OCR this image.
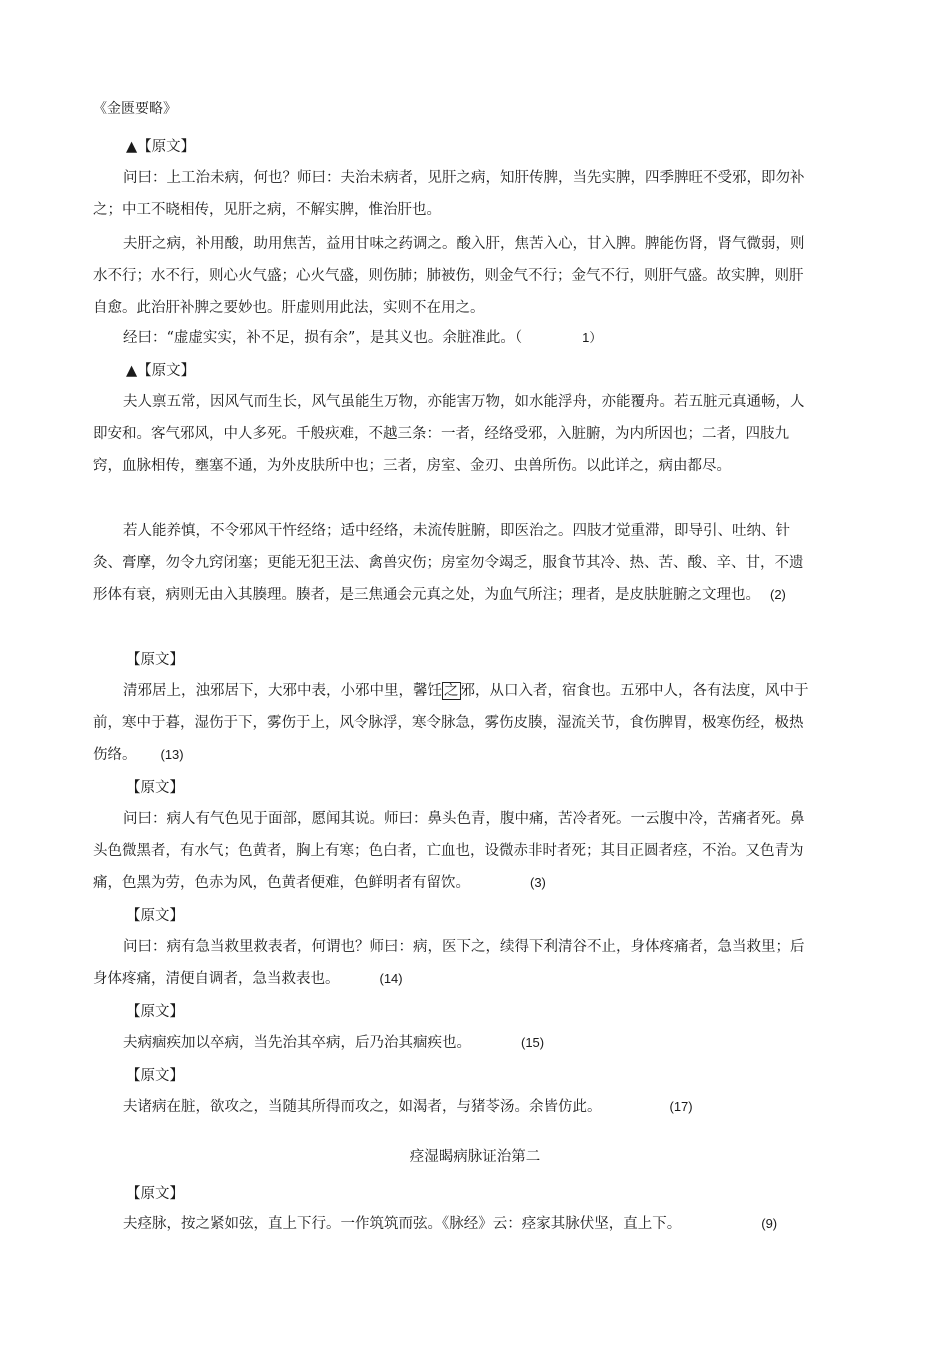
《金匮要略》
▲【原文】

问曰：上工治未病，何也？师曰：夫治未病者，见肝之病，知肝传脾，当先实脾，四季脾旺不受邪，即勿补之；中工不晓相传，见肝之病，不解实脾，惟治肝也。

夫肝之病，补用酸，助用焦苦，益用甘味之药调之。酸入肝，焦苦入心，甘入脾。脾能伤肾，肾气微弱，则水不行；水不行，则心火气盛；心火气盛，则伤肺；肺被伤，则金气不行；金气不行，则肝气盛。故实脾，则肝自愈。此治肝补脾之要妙也。肝虚则用此法，实则不在用之。

经曰：“虚虚实实，补不足，损有余”，是其义也。余脏准此。（	1）

▲【原文】

夫人禀五常，因风气而生长，风气虽能生万物，亦能害万物，如水能浮舟，亦能覆舟。若五脏元真通畅，人即安和。客气邪风，中人多死。千般疢难，不越三条：一者，经络受邪，入脏腑，为内所因也；二者，四肢九窍，血脉相传，壅塞不通，为外皮肤所中也；三者，房室、金刃、虫兽所伤。以此详之，病由都尽。

若人能养慎，不令邪风干忤经络；适中经络，未流传脏腑，即医治之。四肢才觉重滞，即导引、吐纳、针灸、膏摩，勿令九窍闭塞；更能无犯王法、禽兽灾伤；房室勿令竭乏，服食节其冷、热、苦、酸、辛、甘，不遗形体有衰，病则无由入其腠理。腠者，是三焦通会元真之处，为血气所注；理者，是皮肤脏腑之文理也。 (2)

【原文】

清邪居上，浊邪居下，大邪中表，小邪中里，馨饪 之 邪，从口入者，宿食也。五邪中人，各有法度，风中于前，寒中于暮，湿伤于下，雾伤于上，风令脉浮，寒令脉急，雾伤皮腠，湿流关节，食伤脾胃，极寒伤经，极热伤络。 (13)

【原文】

问曰：病人有气色见于面部，愿闻其说。师曰：鼻头色青，腹中痛，苦冷者死。一云腹中冷，苦痛者死。鼻头色微黑者，有水气；色黄者，胸上有寒；色白者，亡血也，设微赤非时者死；其目正圆者痉，不治。又色青为痛，色黑为劳，色赤为风，色黄者便难，色鲜明者有留饮。	(3)

【原文】

问曰：病有急当救里救表者，何谓也？师曰：病，医下之，续得下利清谷不止，身体疼痛者，急当救里；后身体疼痛，清便自调者，急当救表也。	(14)

【原文】

夫病痼疾加以卒病，当先治其卒病，后乃治其痼疾也。	(15)

【原文】

夫诸病在脏，欲攻之，当随其所得而攻之，如渴者，与猪苓汤。余皆仿此。	(17)

痉湿暍病脉证治第二
【原文】

夫痉脉，按之紧如弦，直上下行。一作筑筑而弦。《脉经》云：痉家其脉伏坚，直上下。	(9)
